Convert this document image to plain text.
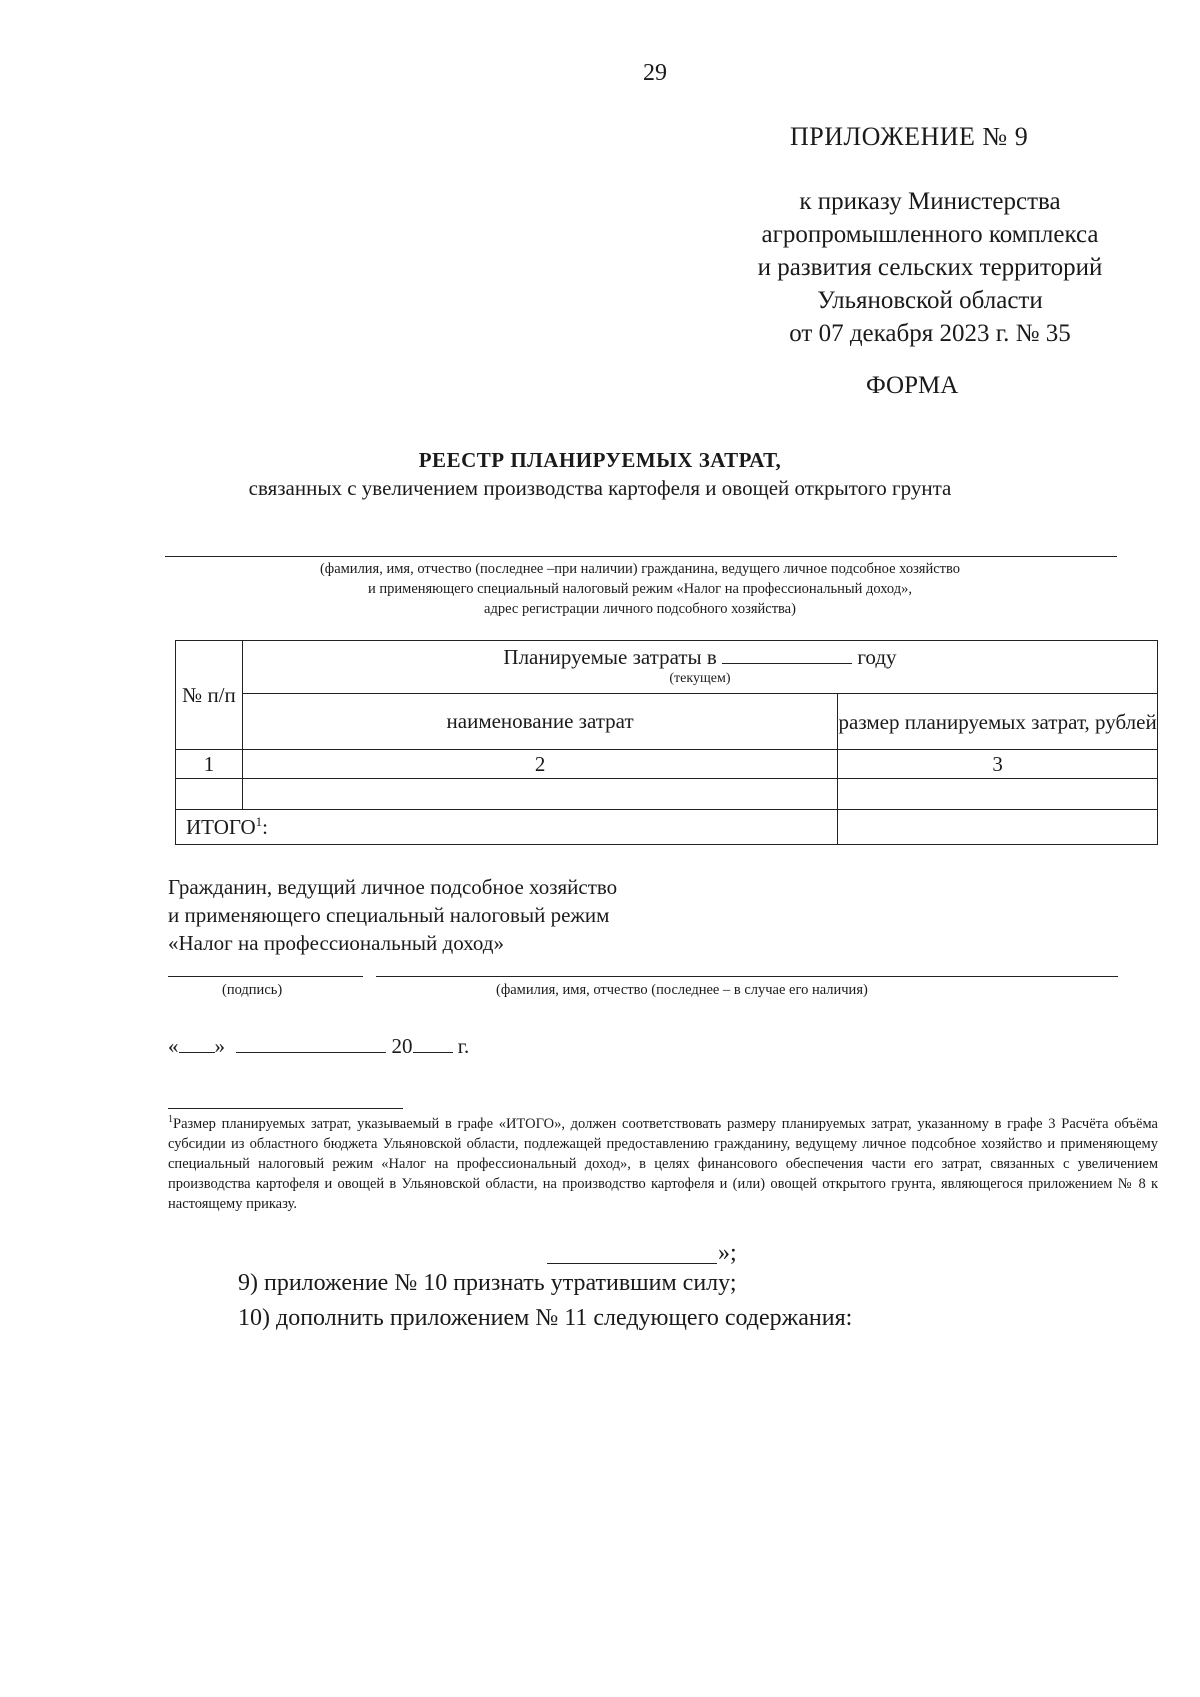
29
ПРИЛОЖЕНИЕ № 9
к приказу Министерства
агропромышленного комплекса
и развития сельских территорий
Ульяновской области
от 07 декабря 2023 г. № 35
ФОРМА
РЕЕСТР ПЛАНИРУЕМЫХ ЗАТРАТ,
связанных с увеличением производства картофеля и овощей открытого грунта
(фамилия, имя, отчество (последнее –при наличии) гражданина, ведущего личное подсобное хозяйство
и применяющего специальный налоговый режим «Налог на профессиональный доход»,
адрес регистрации личного подсобного хозяйства)
№ п/п	Планируемые затраты в году
(текущем)	

	наименование затрат	размер планируемых затрат, рублей
1	2	3

ИТОГО$^1$:		
Гражданин, ведущий личное подсобное хозяйство
и применяющего специальный налоговый режим
«Налог на профессиональный доход»
(подпись)	(фамилия, имя, отчество (последнее – в случае его наличия)
« »	20 г.
$^1$Размер планируемых затрат, указываемый в графе «ИТОГО», должен соответствовать размеру планируемых затрат, указанному в графе 3 Расчёта объёма субсидии из областного бюджета Ульяновской области, подлежащей предоставлению гражданину, ведущему личное подсобное хозяйство и применяющему специальный налоговый режим «Налог на профессиональный доход», в целях финансового обеспечения части его затрат, связанных с увеличением производства картофеля и овощей в Ульяновской области, на производство картофеля и (или) овощей открытого грунта, являющегося приложением № 8 к настоящему приказу.
»;
9) приложение № 10 признать утратившим силу;
10) дополнить приложением № 11 следующего содержания:
